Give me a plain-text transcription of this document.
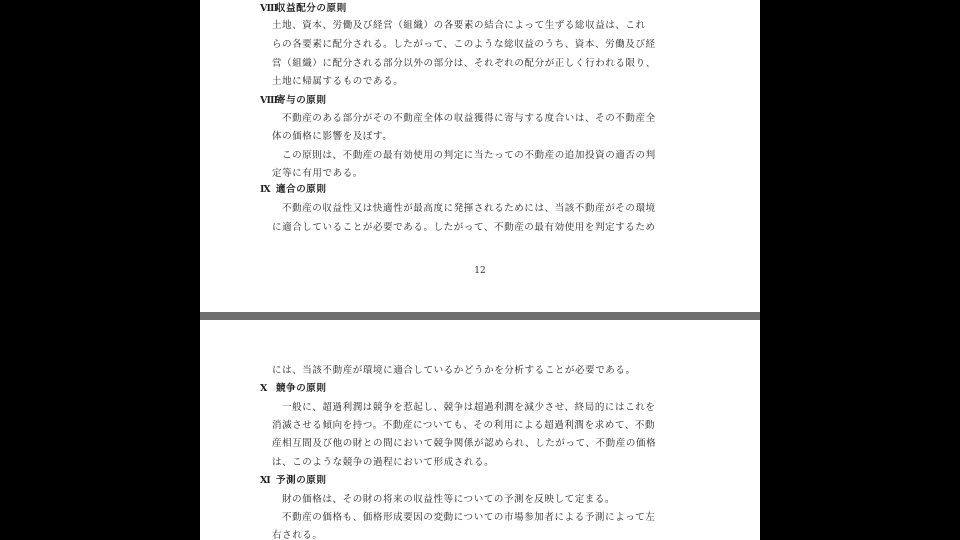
Ⅷ収益配分の原則
土地、資本、労働及び経営（組織）の各要素の結合によって生ずる総収益は、これ
らの各要素に配分される。したがって、このような総収益のうち、資本、労働及び経
営（組織）に配分される部分以外の部分は、それぞれの配分が正しく行われる限り、
土地に帰属するものである。
Ⅷ寄与の原則
不動産のある部分がその不動産全体の収益獲得に寄与する度合いは、その不動産全
体の価格に影響を及ぼす。
この原則は、不動産の最有効使用の判定に当たっての不動産の追加投資の適否の判
定等に有用である。
Ⅸ 適合の原則
不動産の収益性又は快適性が最高度に発揮されるためには、当該不動産がその環境
に適合していることが必要である。したがって、不動産の最有効使用を判定するため
12
には、当該不動産が環境に適合しているかどうかを分析することが必要である。
Ⅹ 競争の原則
一般に、超過利潤は競争を惹起し、競争は超過利潤を減少させ、終局的にはこれを
消滅させる傾向を持つ。不動産についても、その利用による超過利潤を求めて、不動
産相互間及び他の財との間において競争関係が認められ、したがって、不動産の価格
は、このような競争の過程において形成される。
Ⅺ 予測の原則
財の価格は、その財の将来の収益性等についての予測を反映して定まる。
不動産の価格も、価格形成要因の変動についての市場参加者による予測によって左
右される。
